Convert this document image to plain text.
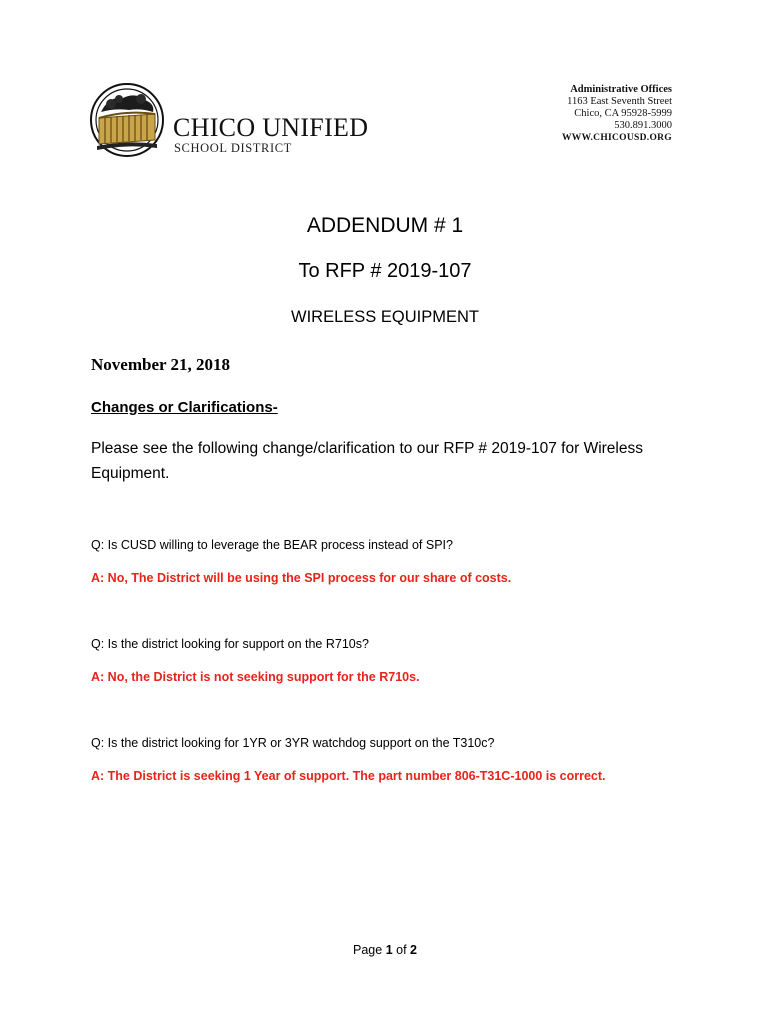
CHICO UNIFIED
SCHOOL DISTRICT
Administrative Offices
1163 East Seventh Street
Chico, CA 95928-5999
530.891.3000
WWW.CHICOUSD.ORG
ADDENDUM # 1
To RFP # 2019-107
WIRELESS EQUIPMENT
November 21, 2018
Changes or Clarifications-
Please see the following change/clarification to our RFP # 2019-107 for Wireless Equipment.
Q: Is CUSD willing to leverage the BEAR process instead of SPI?
A: No, The District will be using the SPI process for our share of costs.
Q: Is the district looking for support on the R710s?
A: No, the District is not seeking support for the R710s.
Q: Is the district looking for 1YR or 3YR watchdog support on the T310c?
A: The District is seeking 1 Year of support. The part number 806-T31C-1000 is correct.
Page 1 of 2
